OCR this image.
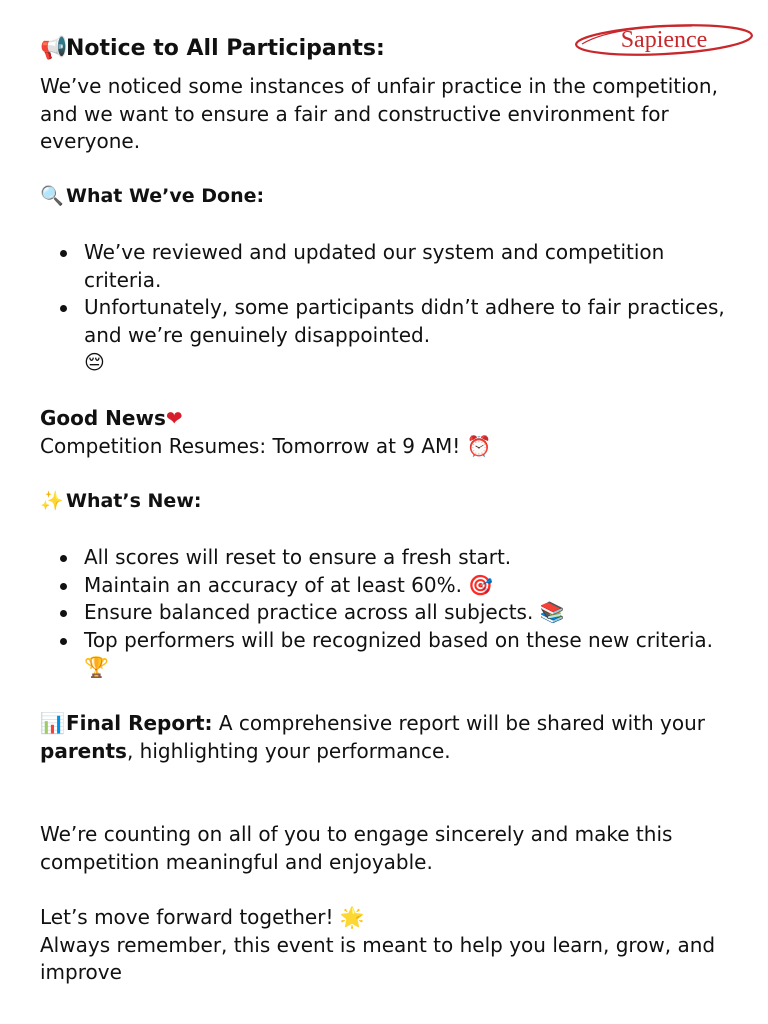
Sapience
📢Notice to All Participants:

We’ve noticed some instances of unfair practice in the competition, and we want to ensure a fair and constructive environment for everyone.

🔍 What We’ve Done:

We’ve reviewed and updated our system and competition criteria.
Unfortunately, some participants didn’t adhere to fair practices, and we’re genuinely disappointed.
😔

Good News❤
Competition Resumes: Tomorrow at 9 AM! ⏰

✨ What’s New:

All scores will reset to ensure a fresh start.
Maintain an accuracy of at least 60%. 🎯
Ensure balanced practice across all subjects. 📚
Top performers will be recognized based on these new criteria. 🏆

📊Final Report: A comprehensive report will be shared with your parents, highlighting your performance.

We’re counting on all of you to engage sincerely and make this competition meaningful and enjoyable.

Let’s move forward together! 🌟
Always remember, this event is meant to help you learn, grow, and improve
